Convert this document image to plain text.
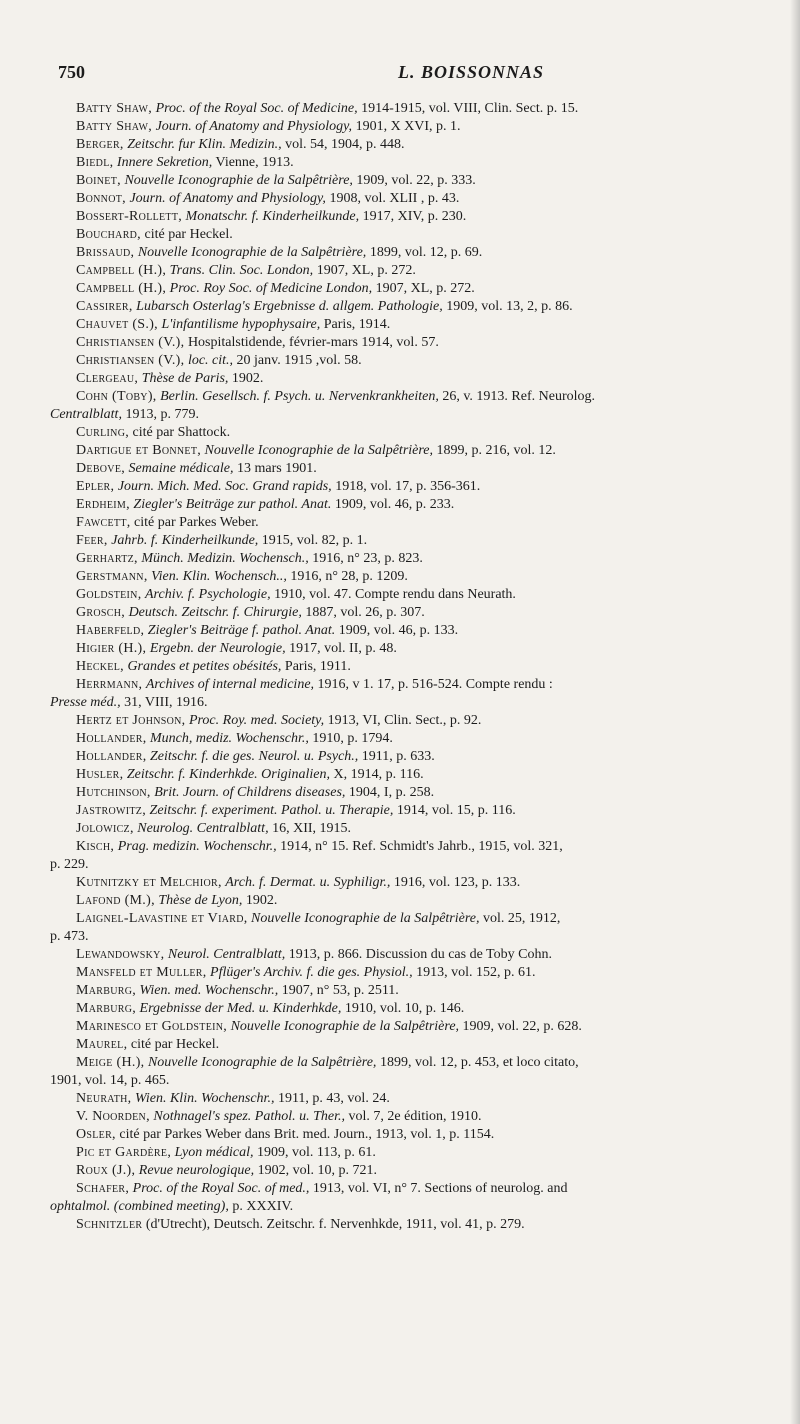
750	L. BOISSONNAS
Batty Shaw, Proc. of the Royal Soc. of Medicine, 1914-1915, vol. VIII, Clin. Sect. p. 15.
Batty Shaw, Journ. of Anatomy and Physiology, 1901, X XVI, p. 1.
Berger, Zeitschr. fur Klin. Medizin., vol. 54, 1904, p. 448.
Biedl, Innere Sekretion, Vienne, 1913.
Boinet, Nouvelle Iconographie de la Salpêtrière, 1909, vol. 22, p. 333.
Bonnot, Journ. of Anatomy and Physiology, 1908, vol. XLII , p. 43.
Bossert-Rollett, Monatschr. f. Kinderheilkunde, 1917, XIV, p. 230.
Bouchard, cité par Heckel.
Brissaud, Nouvelle Iconographie de la Salpêtrière, 1899, vol. 12, p. 69.
Campbell (H.), Trans. Clin. Soc. London, 1907, XL, p. 272.
Campbell (H.), Proc. Roy Soc. of Medicine London, 1907, XL, p. 272.
Cassirer, Lubarsch Osterlag's Ergebnisse d. allgem. Pathologie, 1909, vol. 13, 2, p. 86.
Chauvet (S.), L'infantilisme hypophysaire, Paris, 1914.
Christiansen (V.), Hospitalstidende, février-mars 1914, vol. 57.
Christiansen (V.), loc. cit., 20 janv. 1915 ,vol. 58.
Clergeau, Thèse de Paris, 1902.
Cohn (Toby), Berlin. Gesellsch. f. Psych. u. Nervenkrankheiten, 26, v. 1913. Ref. Neurolog.
Centralblatt, 1913, p. 779.
Curling, cité par Shattock.
Dartigue et Bonnet, Nouvelle Iconographie de la Salpêtrière, 1899, p. 216, vol. 12.
Debove, Semaine médicale, 13 mars 1901.
Epler, Journ. Mich. Med. Soc. Grand rapids, 1918, vol. 17, p. 356-361.
Erdheim, Ziegler's Beiträge zur pathol. Anat. 1909, vol. 46, p. 233.
Fawcett, cité par Parkes Weber.
Feer, Jahrb. f. Kinderheilkunde, 1915, vol. 82, p. 1.
Gerhartz, Münch. Medizin. Wochensch., 1916, n° 23, p. 823.
Gerstmann, Vien. Klin. Wochensch.., 1916, n° 28, p. 1209.
Goldstein, Archiv. f. Psychologie, 1910, vol. 47. Compte rendu dans Neurath.
Grosch, Deutsch. Zeitschr. f. Chirurgie, 1887, vol. 26, p. 307.
Haberfeld, Ziegler's Beiträge f. pathol. Anat. 1909, vol. 46, p. 133.
Higier (H.), Ergebn. der Neurologie, 1917, vol. II, p. 48.
Heckel, Grandes et petites obésités, Paris, 1911.
Herrmann, Archives of internal medicine, 1916, v 1. 17, p. 516-524. Compte rendu :
Presse méd., 31, VIII, 1916.
Hertz et Johnson, Proc. Roy. med. Society, 1913, VI, Clin. Sect., p. 92.
Hollander, Munch, mediz. Wochenschr., 1910, p. 1794.
Hollander, Zeitschr. f. die ges. Neurol. u. Psych., 1911, p. 633.
Husler, Zeitschr. f. Kinderhkde. Originalien, X, 1914, p. 116.
Hutchinson, Brit. Journ. of Childrens diseases, 1904, I, p. 258.
Jastrowitz, Zeitschr. f. experiment. Pathol. u. Therapie, 1914, vol. 15, p. 116.
Jolowicz, Neurolog. Centralblatt, 16, XII, 1915.
Kisch, Prag. medizin. Wochenschr., 1914, n° 15. Ref. Schmidt's Jahrb., 1915, vol. 321,
p. 229.
Kutnitzky et Melchior, Arch. f. Dermat. u. Syphiligr., 1916, vol. 123, p. 133.
Lafond (M.), Thèse de Lyon, 1902.
Laignel-Lavastine et Viard, Nouvelle Iconographie de la Salpêtrière, vol. 25, 1912,
p. 473.
Lewandowsky, Neurol. Centralblatt, 1913, p. 866. Discussion du cas de Toby Cohn.
Mansfeld et Muller, Pflüger's Archiv. f. die ges. Physiol., 1913, vol. 152, p. 61.
Marburg, Wien. med. Wochenschr., 1907, n° 53, p. 2511.
Marburg, Ergebnisse der Med. u. Kinderhkde, 1910, vol. 10, p. 146.
Marinesco et Goldstein, Nouvelle Iconographie de la Salpêtrière, 1909, vol. 22, p. 628.
Maurel, cité par Heckel.
Meige (H.), Nouvelle Iconographie de la Salpêtrière, 1899, vol. 12, p. 453, et loco citato,
1901, vol. 14, p. 465.
Neurath, Wien. Klin. Wochenschr., 1911, p. 43, vol. 24.
V. Noorden, Nothnagel's spez. Pathol. u. Ther., vol. 7, 2e édition, 1910.
Osler, cité par Parkes Weber dans Brit. med. Journ., 1913, vol. 1, p. 1154.
Pic et Gardère, Lyon médical, 1909, vol. 113, p. 61.
Roux (J.), Revue neurologique, 1902, vol. 10, p. 721.
Schafer, Proc. of the Royal Soc. of med., 1913, vol. VI, n° 7. Sections of neurolog. and
ophtalmol. (combined meeting), p. XXXIV.
Schnitzler (d'Utrecht), Deutsch. Zeitschr. f. Nervenhkde, 1911, vol. 41, p. 279.
